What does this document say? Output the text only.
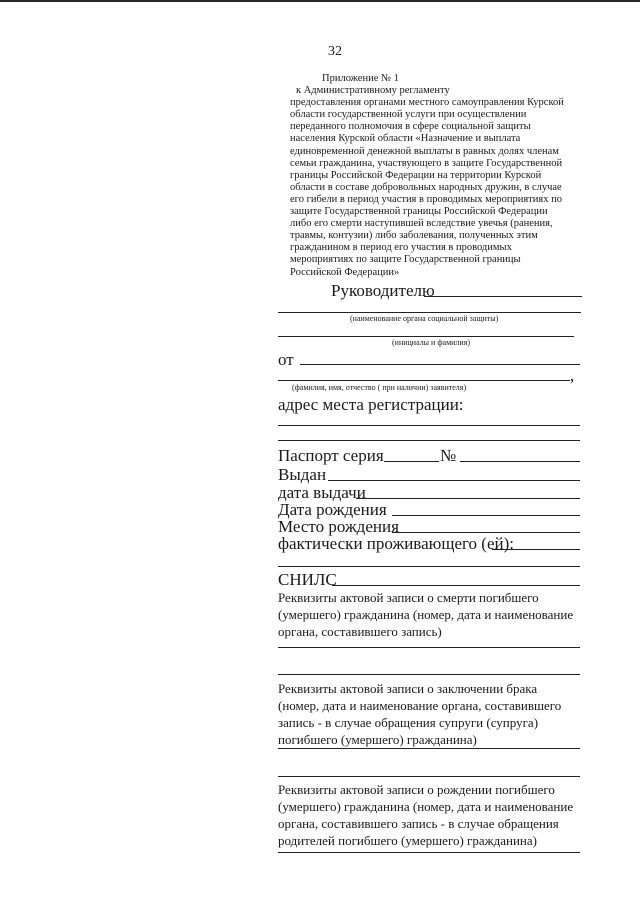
32
Приложение № 1
к Административному регламенту
предоставления органами местного самоуправления Курской
области государственной услуги при осуществлении
переданного полномочия в сфере социальной защиты
населения Курской области «Назначение и выплата
единовременной денежной выплаты в равных долях членам
семьи гражданина, участвующего в защите Государственной
границы Российской Федерации на территории Курской
области в составе добровольных народных дружин, в случае
его гибели в период участия в проводимых мероприятиях по
защите Государственной границы Российской Федерации
либо его смерти наступившей вследствие увечья (ранения,
травмы, контузии) либо заболевания, полученных этим
гражданином в период его участия в проводимых
мероприятиях по защите Государственной границы
Российской Федерации»
Руководителю
(наименование органа социальной защиты)
(инициалы и фамилия)
от
,
(фамилия, имя, отчество ( при наличии) заявителя)
адрес места регистрации:
Паспорт серия	№
Выдан
дата выдачи
Дата рождения
Место рождения
фактически проживающего (ей):
СНИЛС
Реквизиты актовой записи о смерти погибшего
(умершего) гражданина (номер, дата и наименование
органа, составившего запись)
Реквизиты актовой записи о заключении брака
(номер, дата и наименование органа, составившего
запись - в случае обращения супруги (супруга)
погибшего (умершего) гражданина)
Реквизиты актовой записи о рождении погибшего
(умершего) гражданина (номер, дата и наименование
органа, составившего запись - в случае обращения
родителей погибшего (умершего) гражданина)
